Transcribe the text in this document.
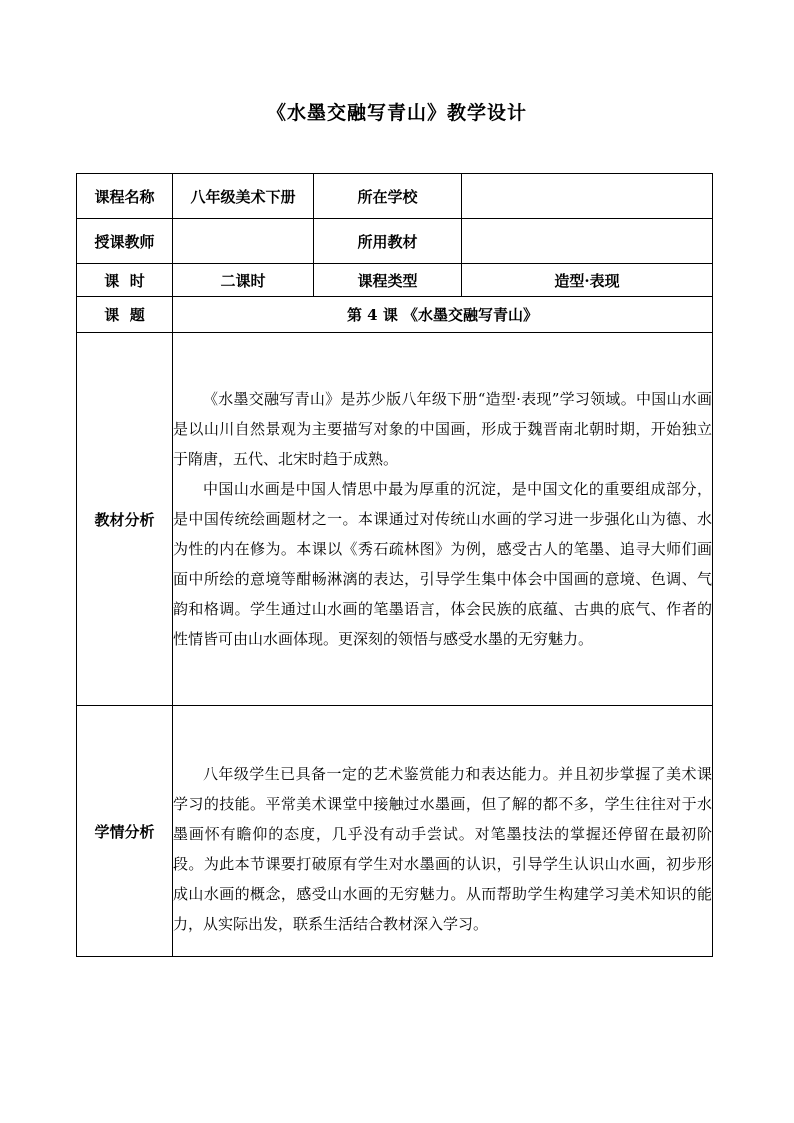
《水墨交融写青山》教学设计
课程名称	八年级美术下册	所在学校	
授课教师		所用教材	
课  时	二课时	课程类型	造型·表现
课  题	第 4 课 《水墨交融写青山》		
教材分析	《水墨交融写青山》是苏少版八年级下册“造型·表现”学习领域。中国山水画是以山川自然景观为主要描写对象的中国画，形成于魏晋南北朝时期，开始独立于隋唐，五代、北宋时趋于成熟。

中国山水画是中国人情思中最为厚重的沉淀，是中国文化的重要组成部分，是中国传统绘画题材之一。本课通过对传统山水画的学习进一步强化山为德、水为性的内在修为。本课以《秀石疏林图》为例，感受古人的笔墨、追寻大师们画面中所绘的意境等酣畅淋漓的表达，引导学生集中体会中国画的意境、色调、气韵和格调。学生通过山水画的笔墨语言，体会民族的底蕴、古典的底气、作者的性情皆可由山水画体现。更深刻的领悟与感受水墨的无穷魅力。		

学情分析	八年级学生已具备一定的艺术鉴赏能力和表达能力。并且初步掌握了美术课学习的技能。平常美术课堂中接触过水墨画，但了解的都不多，学生往往对于水墨画怀有瞻仰的态度，几乎没有动手尝试。对笔墨技法的掌握还停留在最初阶段。为此本节课要打破原有学生对水墨画的认识，引导学生认识山水画，初步形成山水画的概念，感受山水画的无穷魅力。从而帮助学生构建学习美术知识的能力，从实际出发，联系生活结合教材深入学习。		
